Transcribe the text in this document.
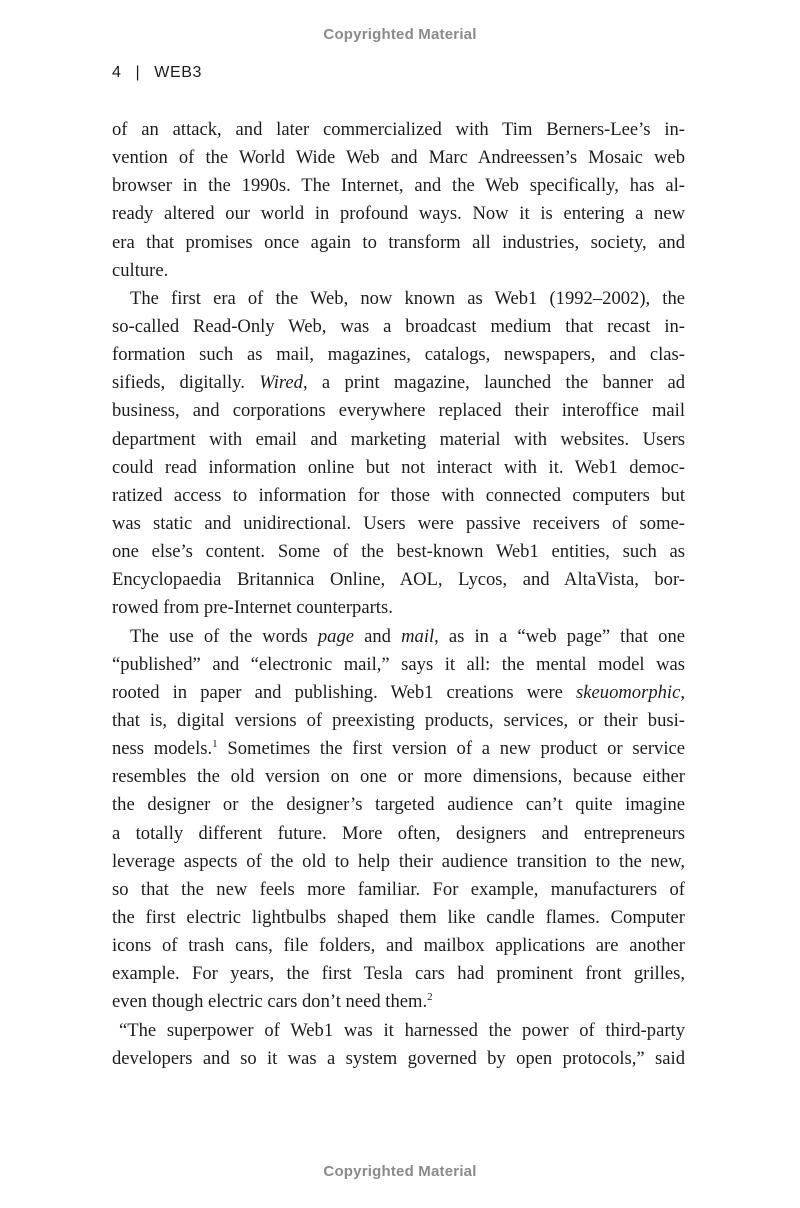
Copyrighted Material
4 | WEB3
of an attack, and later commercialized with Tim Berners-Lee’s in-
vention of the World Wide Web and Marc Andreessen’s Mosaic web
browser in the 1990s. The Internet, and the Web specifically, has al-
ready altered our world in profound ways. Now it is entering a new
era that promises once again to transform all industries, society, and
culture.
The first era of the Web, now known as Web1 (1992–2002), the
so-called Read-Only Web, was a broadcast medium that recast in-
formation such as mail, magazines, catalogs, newspapers, and clas-
sifieds, digitally. Wired, a print magazine, launched the banner ad
business, and corporations everywhere replaced their interoffice mail
department with email and marketing material with websites. Users
could read information online but not interact with it. Web1 democ-
ratized access to information for those with connected computers but
was static and unidirectional. Users were passive receivers of some-
one else’s content. Some of the best-known Web1 entities, such as
Encyclopaedia Britannica Online, AOL, Lycos, and AltaVista, bor-
rowed from pre-Internet counterparts.
The use of the words page and mail, as in a “web page” that one
“published” and “electronic mail,” says it all: the mental model was
rooted in paper and publishing. Web1 creations were skeuomorphic,
that is, digital versions of preexisting products, services, or their busi-
ness models.$^1$ Sometimes the first version of a new product or service
resembles the old version on one or more dimensions, because either
the designer or the designer’s targeted audience can’t quite imagine
a totally different future. More often, designers and entrepreneurs
leverage aspects of the old to help their audience transition to the new,
so that the new feels more familiar. For example, manufacturers of
the first electric lightbulbs shaped them like candle flames. Computer
icons of trash cans, file folders, and mailbox applications are another
example. For years, the first Tesla cars had prominent front grilles,
even though electric cars don’t need them.$^2$
“The superpower of Web1 was it harnessed the power of third-party
developers and so it was a system governed by open protocols,” said
Copyrighted Material
